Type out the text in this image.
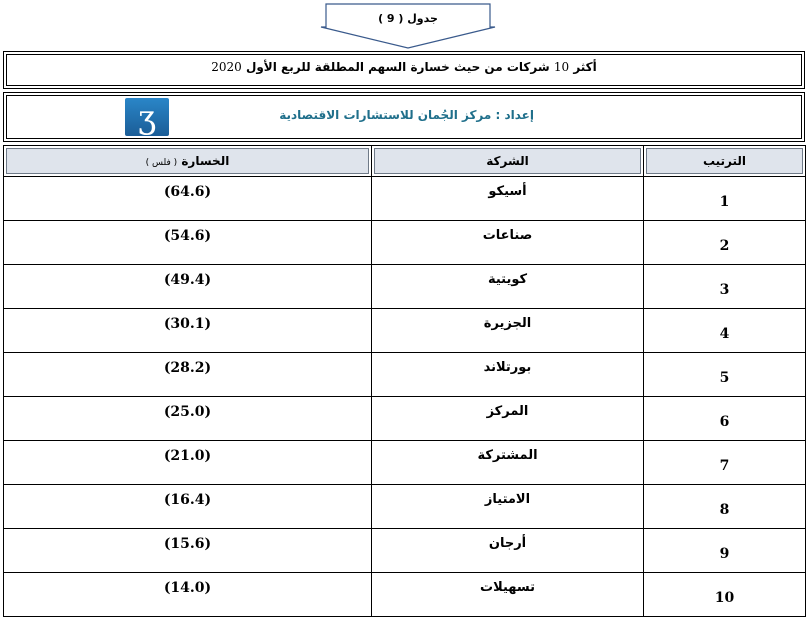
جدول ( 9 )
أكثر 10 شركات من حيث خسارة السهم المطلقة للربع الأول 2020
إعداد : مركز الجُمان للاستشارات الاقتصادية
ʒ
الترتيب	الشركة	الخسارة ( فلس )
1	أسيكو	(64.6)
2	صناعات	(54.6)
3	كويتية	(49.4)
4	الجزيرة	(30.1)
5	بورتلاند	(28.2)
6	المركز	(25.0)
7	المشتركة	(21.0)
8	الامتياز	(16.4)
9	أرجان	(15.6)
10	تسهيلات	(14.0)
